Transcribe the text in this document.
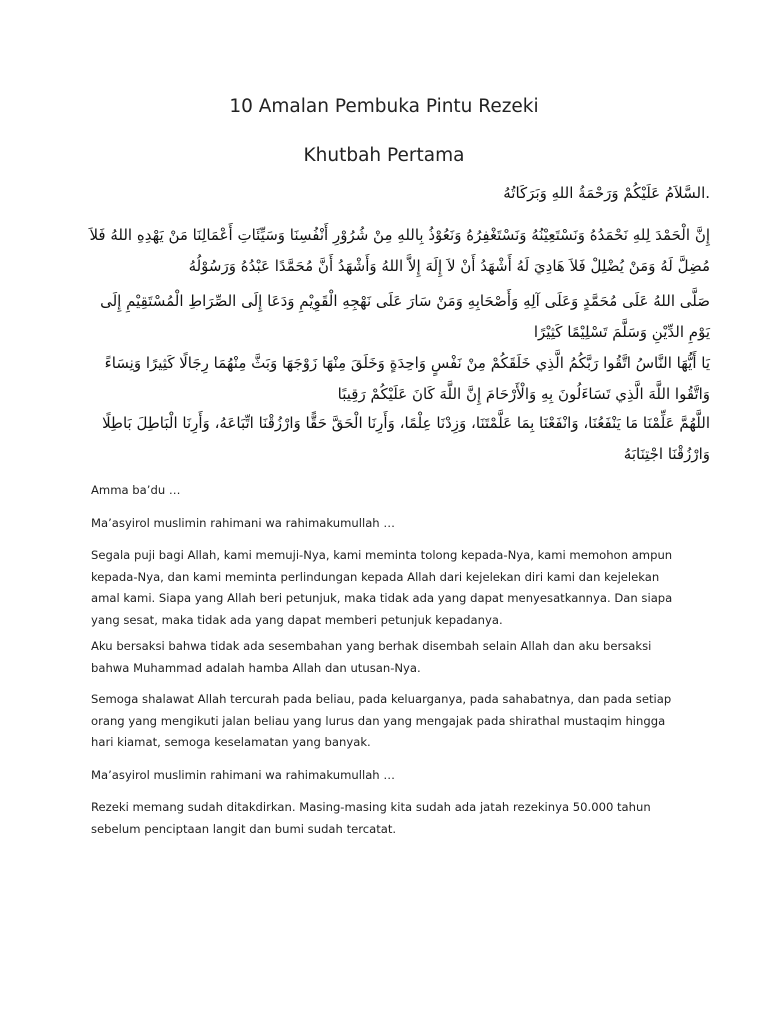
10 Amalan Pembuka Pintu Rezeki
Khutbah Pertama
.السَّلاَمُ عَلَيْكُمْ وَرَحْمَةُ اللهِ وَبَرَكَاتُهُ
إِنَّ الْحَمْدَ لِلهِ نَحْمَدُهُ وَنَسْتَعِيْنُهُ وَنَسْتَغْفِرُهُ وَنَعُوْذُ بِاللهِ مِنْ شُرُوْرِ أَنْفُسِنَا وَسَيِّئَاتِ أَعْمَالِنَا مَنْ يَهْدِهِ اللهُ فَلاَ مُضِلَّ لَهُ وَمَنْ يُضْلِلْ فَلاَ هَادِيَ لَهُ أَشْهَدُ أَنْ لاَ إِلَهَ إِلاَّ اللهُ وَأَشْهَدُ أَنَّ مُحَمَّدًا عَبْدُهُ وَرَسُوْلُهُ
صَلَّى اللهُ عَلَى مُحَمَّدٍ وَعَلَى آلِهِ وَأَصْحَابِهِ وَمَنْ سَارَ عَلَى نَهْجِهِ الْقَوِيْمِ وَدَعَا إِلَى الصِّرَاطِ الْمُسْتَقِيْمِ إِلَى يَوْمِ الدِّيْنِ وَسَلَّمَ تَسْلِيْمًا كَثِيْرًا
يَا أَيُّهَا النَّاسُ اتَّقُوا رَبَّكُمُ الَّذِي خَلَقَكُمْ مِنْ نَفْسٍ وَاحِدَةٍ وَخَلَقَ مِنْهَا زَوْجَهَا وَبَثَّ مِنْهُمَا رِجَالًا كَثِيرًا وَنِسَاءً وَاتَّقُوا اللَّهَ الَّذِي تَسَاءَلُونَ بِهِ وَالْأَرْحَامَ إِنَّ اللَّهَ كَانَ عَلَيْكُمْ رَقِيبًا
اللَّهُمَّ عَلِّمْنَا مَا يَنْفَعُنَا، وَانْفَعْنَا بِمَا عَلَّمْتَنَا، وَزِدْنَا عِلْمًا، وَأَرِنَا الْحَقَّ حَقًّا وَارْزُقْنَا اتِّبَاعَهُ، وَأَرِنَا الْبَاطِلَ بَاطِلًا وَارْزُقْنَا اجْتِنَابَهُ

Amma ba’du …

Ma’asyirol muslimin rahimani wa rahimakumullah …

Segala puji bagi Allah, kami memuji-Nya, kami meminta tolong kepada-Nya, kami memohon ampun kepada-Nya, dan kami meminta perlindungan kepada Allah dari kejelekan diri kami dan kejelekan amal kami. Siapa yang Allah beri petunjuk, maka tidak ada yang dapat menyesatkannya. Dan siapa yang sesat, maka tidak ada yang dapat memberi petunjuk kepadanya.

Aku bersaksi bahwa tidak ada sesembahan yang berhak disembah selain Allah dan aku bersaksi bahwa Muhammad adalah hamba Allah dan utusan-Nya.

Semoga shalawat Allah tercurah pada beliau, pada keluarganya, pada sahabatnya, dan pada setiap orang yang mengikuti jalan beliau yang lurus dan yang mengajak pada shirathal mustaqim hingga hari kiamat, semoga keselamatan yang banyak.

Ma’asyirol muslimin rahimani wa rahimakumullah …

Rezeki memang sudah ditakdirkan. Masing-masing kita sudah ada jatah rezekinya 50.000 tahun sebelum penciptaan langit dan bumi sudah tercatat.
